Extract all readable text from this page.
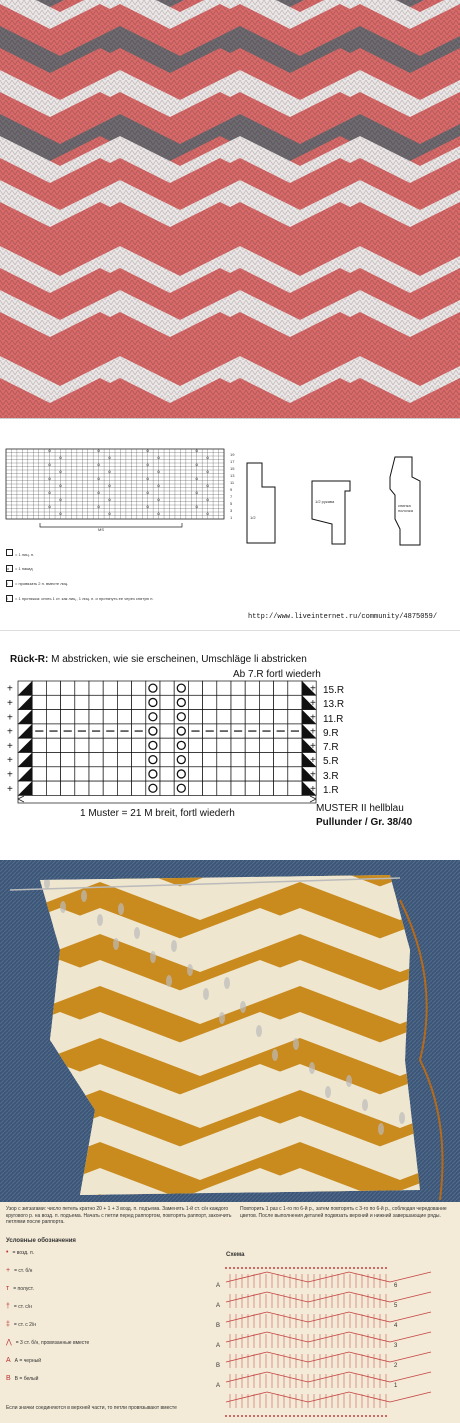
19
17
15
13
11
9
7
5
3
1
MS
1/2
1/2 рукава
спинка
полочка
= 1 лиц. п.
o = 1 накид
/ = провязать 2 п. вместе лиц.
\ = 1 протяжка: снять 1 ст. как лиц., 1 лиц. п. и протянуть ее через снятую п.
http://www.liveinternet.ru/community/4875059/
Rück-R: M abstricken, wie sie erscheinen, Umschläge li abstricken
Ab 7.R fortl wiederh
+	+
+	+
+	+
+	+
+	+
+	+
+	+
+	+
15.R
13.R
11.R
9.R
7.R
5.R
3.R
1.R
1 Muster = 21 M breit, fortl wiederh	MUSTER II hellblau
Pullunder / Gr. 38/40
Узор с зигзагами: число петель кратно 20 + 1 + 3 возд. п. подъема. Заменять 1-й ст. с/н каждого кругового р. на возд. п. подъема. Начать с петли перед раппортом, повторять раппорт, закончить петлями после раппорта.
Повторить 1 раз с 1-го по 6-й р., затем повторять с 3-го по 6-й р., соблюдая чередование цветов. После выполнения деталей подвязать верхний и нижний завершающие ряды.
Условные обозначения
• = возд. п.
+ = ст. б/н
ᴛ = полуст.
† = ст. с/н
‡ = ст. с 2/н
⋀ = 3 ст. б/н, провязанные вместе
A А = черный
B В = белый
Если значки соединяются в верхней части, то петли провязывают вместе
Схема
A
A
B
A
B
A
6
5
4
3
2
1
